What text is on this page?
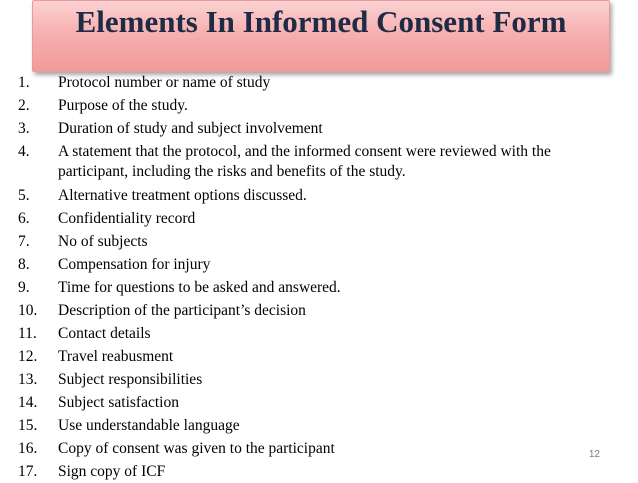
Elements In Informed Consent Form

1.	Protocol number or name of study
2.	Purpose of the study.
3.	Duration of study and subject involvement
4.	A statement that the protocol, and the informed consent were reviewed with the participant, including the risks and benefits of the study.
5.	Alternative treatment options discussed.
6.	Confidentiality record
7.	No of subjects
8.	Compensation for injury
9.	Time for questions to be asked and answered.
10.	Description of the participant’s decision
11.	Contact details
12.	Travel reabusment
13.	Subject responsibilities
14.	Subject satisfaction
15.	Use understandable language
16.	Copy of consent was given to the participant
17.	Sign copy of ICF
12
